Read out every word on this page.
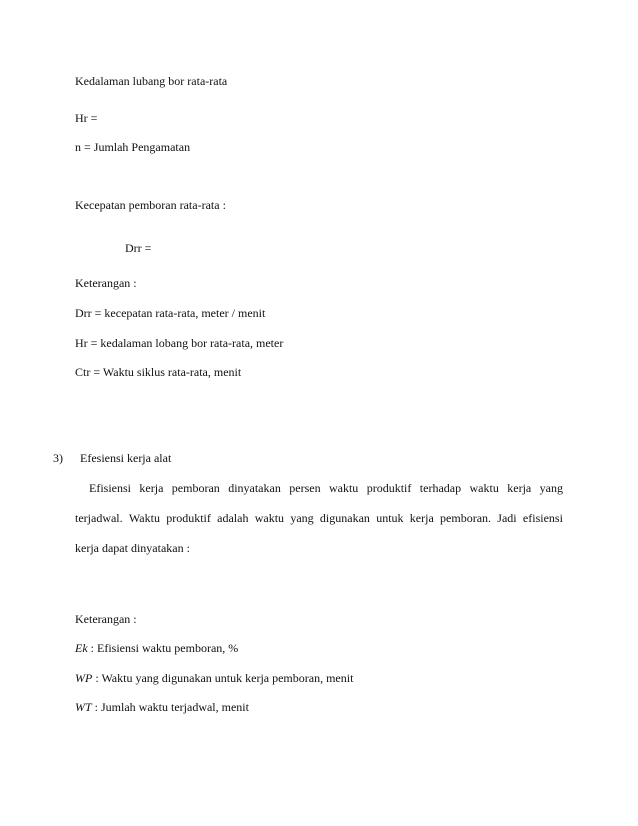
Kedalaman lubang bor rata-rata
Hr =
n = Jumlah Pengamatan
Kecepatan pemboran rata-rata :
Drr =
Keterangan :
Drr = kecepatan rata-rata, meter / menit
Hr = kedalaman lobang bor rata-rata, meter
Ctr = Waktu siklus rata-rata, menit
3) Efesiensi kerja alat
Efisiensi kerja pemboran dinyatakan persen waktu produktif terhadap waktu kerja yang
terjadwal. Waktu produktif adalah waktu yang digunakan untuk kerja pemboran. Jadi efisiensi
kerja dapat dinyatakan :
Keterangan :
Ek : Efisiensi waktu pemboran, %
WP : Waktu yang digunakan untuk kerja pemboran, menit
WT : Jumlah waktu terjadwal, menit
